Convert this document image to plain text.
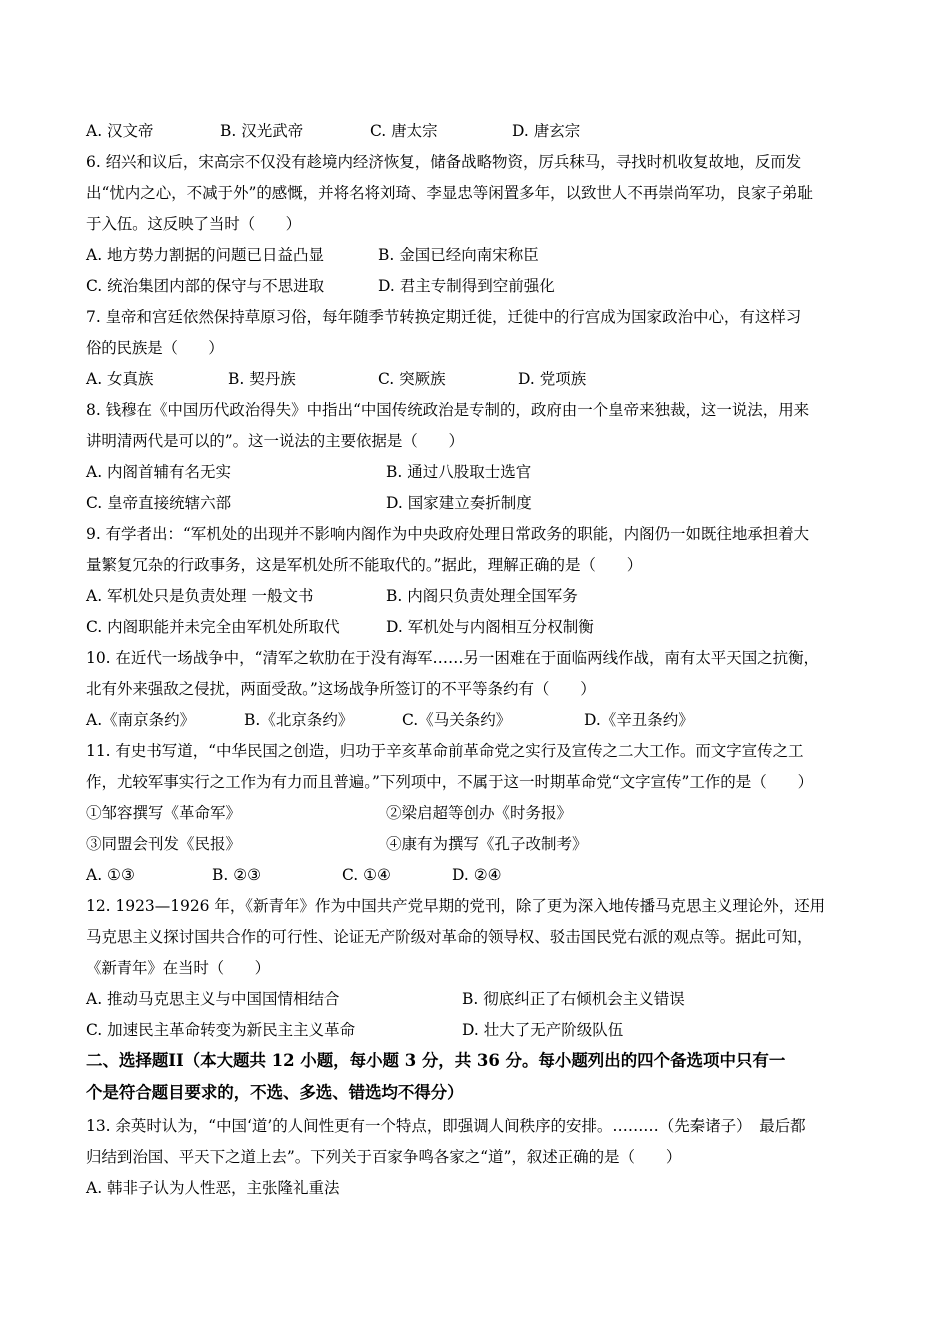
A. 汉文帝	B. 汉光武帝	C. 唐太宗	D. 唐玄宗
6. 绍兴和议后，宋高宗不仅没有趁境内经济恢复，储备战略物资，厉兵秣马，寻找时机收复故地，反而发
出“忧内之心，不减于外”的感慨，并将名将刘琦、李显忠等闲置多年，以致世人不再崇尚军功，良家子弟耻
于入伍。这反映了当时（　　）
A. 地方势力割据的问题已日益凸显	B. 金国已经向南宋称臣
C. 统治集团内部的保守与不思进取	D. 君主专制得到空前强化
7. 皇帝和宫廷依然保持草原习俗，每年随季节转换定期迁徙，迁徙中的行宫成为国家政治中心，有这样习
俗的民族是（　　）
A. 女真族	B. 契丹族	C. 突厥族	D. 党项族
8. 钱穆在《中国历代政治得失》中指出“中国传统政治是专制的，政府由一个皇帝来独裁，这一说法，用来
讲明清两代是可以的”。这一说法的主要依据是（　　）
A. 内阁首辅有名无实	B. 通过八股取士选官
C. 皇帝直接统辖六部	D. 国家建立奏折制度
9. 有学者出：“军机处的出现并不影响内阁作为中央政府处理日常政务的职能，内阁仍一如既往地承担着大
量繁复冗杂的行政事务，这是军机处所不能取代的。”据此，理解正确的是（　　）
A. 军机处只是负责处理 一般文书	B. 内阁只负责处理全国军务
C. 内阁职能并未完全由军机处所取代	D. 军机处与内阁相互分权制衡
10. 在近代一场战争中，“清军之软肋在于没有海军……另一困难在于面临两线作战，南有太平天国之抗衡，
北有外来强敌之侵扰，两面受敌。”这场战争所签订的不平等条约有（　　）
A.《南京条约》	B.《北京条约》	C.《马关条约》	D.《辛丑条约》
11. 有史书写道，“中华民国之创造，归功于辛亥革命前革命党之实行及宣传之二大工作。而文字宣传之工
作，尤较军事实行之工作为有力而且普遍。”下列项中，不属于这一时期革命党“文字宣传”工作的是（　　）
①邹容撰写《革命军》	②梁启超等创办《时务报》
③同盟会刊发《民报》	④康有为撰写《孔子改制考》
A. ①③	B. ②③	C. ①④	D. ②④
12. 1923—1926 年，《新青年》作为中国共产党早期的党刊，除了更为深入地传播马克思主义理论外，还用
马克思主义探讨国共合作的可行性、论证无产阶级对革命的领导权、驳击国民党右派的观点等。据此可知，
《新青年》在当时（　　）
A. 推动马克思主义与中国国情相结合	B. 彻底纠正了右倾机会主义错误
C. 加速民主革命转变为新民主主义革命	D. 壮大了无产阶级队伍
二、选择题II（本大题共 12 小题，每小题 3 分，共 36 分。每小题列出的四个备选项中只有一
个是符合题目要求的，不选、多选、错选均不得分）
13. 余英时认为，“中国‘道’的人间性更有一个特点，即强调人间秩序的安排。………（先秦诸子）　最后都
归结到治国、平天下之道上去”。下列关于百家争鸣各家之“道”，叙述正确的是（　　）
A. 韩非子认为人性恶，主张隆礼重法
